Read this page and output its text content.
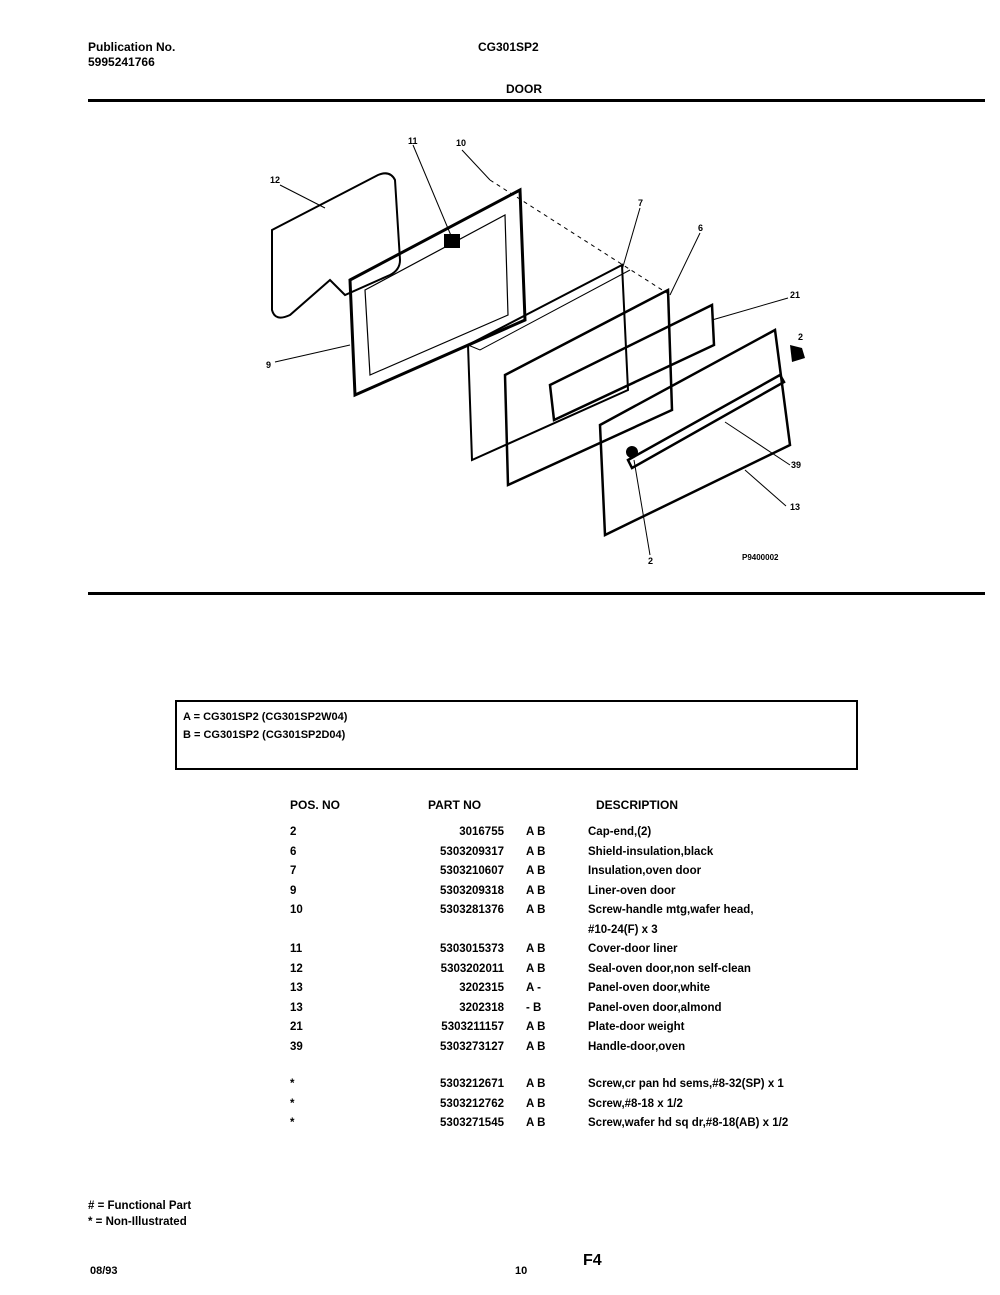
Publication No.
5995241766
CG301SP2
DOOR
11	10
12
7
6
9
21
2
39
13
2	P9400002
A = CG301SP2 (CG301SP2W04)
B = CG301SP2 (CG301SP2D04)
POS. NO	PART NO	DESCRIPTION
2	3016755	A B	Cap-end,(2)
6	5303209317	A B	Shield-insulation,black
7	5303210607	A B	Insulation,oven door
9	5303209318	A B	Liner-oven door
10	5303281376	A B	Screw-handle mtg,wafer head,
			#10-24(F) x 3
11	5303015373	A B	Cover-door liner
12	5303202011	A B	Seal-oven door,non self-clean
13	3202315	A -	Panel-oven door,white
13	3202318	- B	Panel-oven door,almond
21	5303211157	A B	Plate-door weight
39	5303273127	A B	Handle-door,oven

*	5303212671	A B	Screw,cr pan hd sems,#8-32(SP) x 1
*	5303212762	A B	Screw,#8-18 x 1/2
*	5303271545	A B	Screw,wafer hd sq dr,#8-18(AB) x 1/2
# = Functional Part
* = Non-Illustrated
08/93	10
F4
